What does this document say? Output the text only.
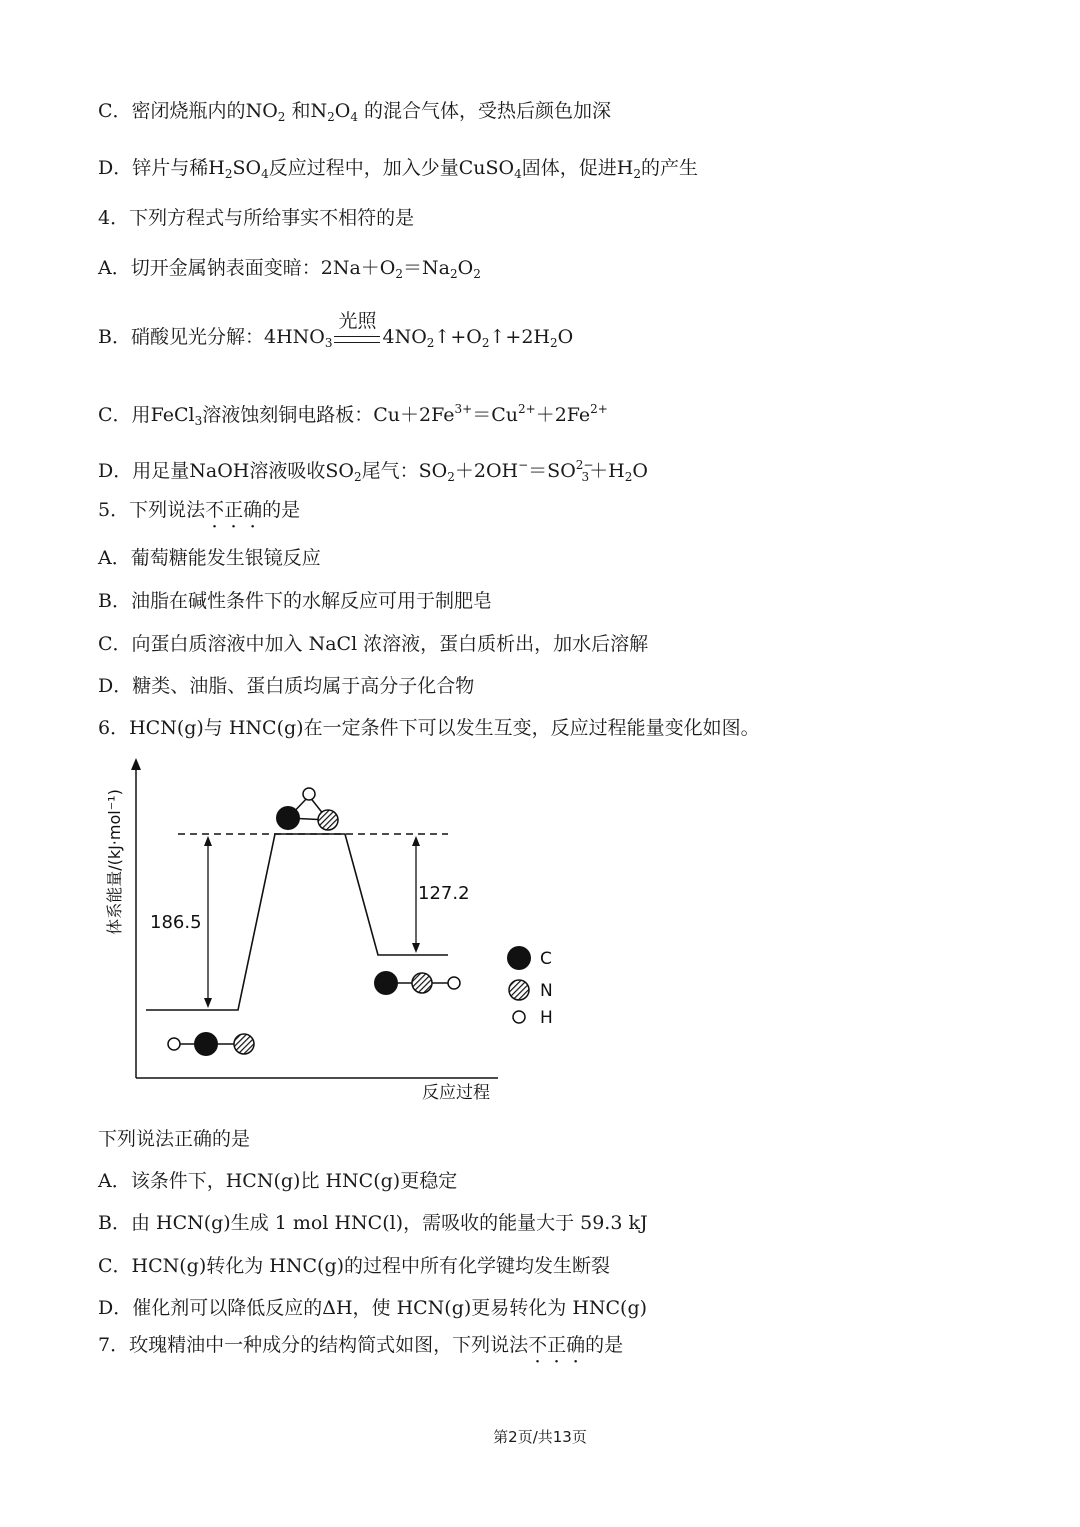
C．密闭烧瓶内的$NO_2$ 和$N_2O_4$ 的混合气体，受热后颜色加深
D．锌片与稀$H_2SO_4$反应过程中，加入少量CuSO$_4$固体，促进$H_2$的产生
4．下列方程式与所给事实不相符的是
A．切开金属钠表面变暗：$2Na+O_2=Na_2O_2$
B．硝酸见光分解：$4HNO_3$
光照
$4NO_2↑+O_2↑+2H_2O$
C．用FeCl$_3$溶液蚀刻铜电路板：$Cu+2Fe^{3+}=Cu^{2+}+2Fe^{2+}$
D．用足量NaOH溶液吸收$SO_2$尾气：$SO_2+2OH^-=SO^{2-}_3+H_2O$
5．下列说法不正确的是
A．葡萄糖能发生银镜反应
B．油脂在碱性条件下的水解反应可用于制肥皂
C．向蛋白质溶液中加入 NaCl 浓溶液，蛋白质析出，加水后溶解
D．糖类、油脂、蛋白质均属于高分子化合物
6．HCN(g)与 HNC(g)在一定条件下可以发生互变，反应过程能量变化如图。
体系能量/(kJ·mol⁻¹)
反应过程
186.5
127.2
C
N
H
下列说法正确的是
A．该条件下，HCN(g)比 HNC(g)更稳定
B．由 HCN(g)生成 1 mol HNC(l)，需吸收的能量大于 59.3 kJ
C．HCN(g)转化为 HNC(g)的过程中所有化学键均发生断裂
D．催化剂可以降低反应的ΔH，使 HCN(g)更易转化为 HNC(g)
7．玫瑰精油中一种成分的结构简式如图，下列说法不正确的是
第2页/共13页
